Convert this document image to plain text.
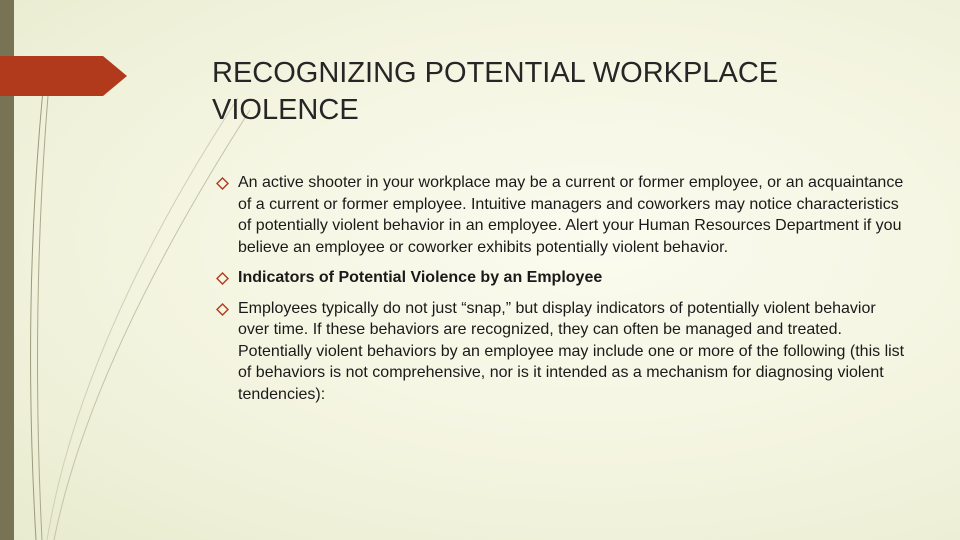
RECOGNIZING POTENTIAL WORKPLACE VIOLENCE
An active shooter in your workplace may be a current or former employee, or an acquaintance of a current or former employee. Intuitive managers and coworkers may notice characteristics of potentially violent behavior in an employee. Alert your Human Resources Department if you believe an employee or coworker exhibits potentially violent behavior.
Indicators of Potential Violence by an Employee
Employees typically do not just “snap,” but display indicators of potentially violent behavior over time. If these behaviors are recognized, they can often be managed and treated. Potentially violent behaviors by an employee may include one or more of the following (this list of behaviors is not comprehensive, nor is it intended as a mechanism for diagnosing violent tendencies):
